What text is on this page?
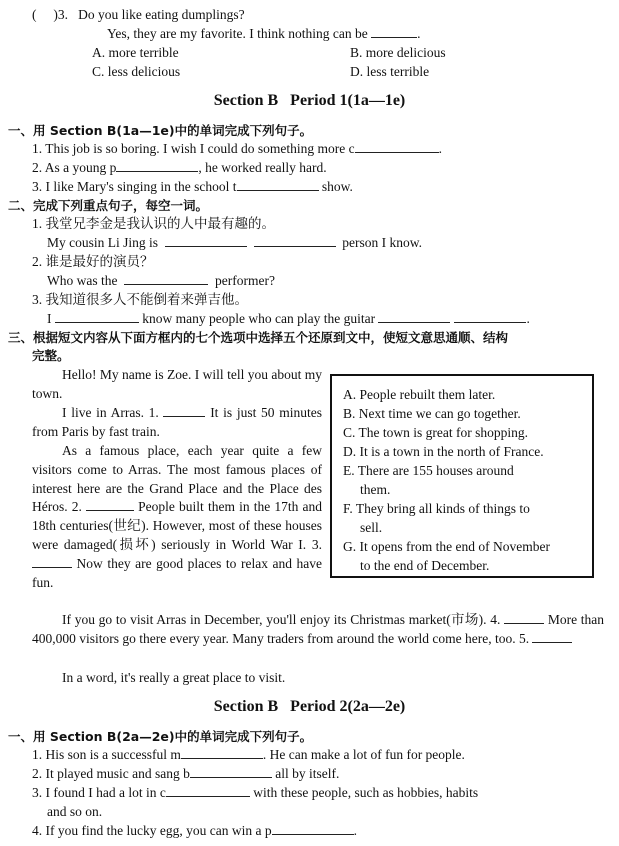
(     )3. Do you like eating dumplings?
Yes, they are my favorite. I think nothing can be	.
A. more terrible	B. more delicious
C. less delicious	D. less terrible
Section B   Period 1(1a—1e)
一、用 Section B(1a—1e)中的单词完成下列句子。
1. This job is so boring. I wish I could do something more c	.
2. As a young p	, he worked really hard.
3. I like Mary's singing in the school t	show.
二、完成下列重点句子，每空一词。
1. 我堂兄李金是我认识的人中最有趣的。
My cousin Li Jing is	person I know.
2. 谁是最好的演员？
Who was the	performer?
3. 我知道很多人不能倒着来弹吉他。
I	know many people who can play the guitar	.
三、根据短文内容从下面方框内的七个选项中选择五个还原到文中，使短文意思通顺、结构
完整。
Hello! My name is Zoe. I will tell you about my town.
I live in Arras. 1.	It is just 50 minutes from Paris by fast train.
As a famous place, each year quite a few visitors come to Arras. The most famous places of interest here are the Grand Place and the Place des Héros. 2.	People built them in the 17th and 18th centuries(世纪). However, most of these houses were damaged(损坏) seriously in World War I. 3.  Now they are good places to relax and have fun.
A. People rebuilt them later.
B. Next time we can go together.
C. The town is great for shopping.
D. It is a town in the north of France.
E. There are 155 houses around
them.
F. They bring all kinds of things to
sell.
G. It opens from the end of November
to the end of December.
If you go to visit Arras in December, you'll enjoy its Christmas market(市场). 4.	More than 400,000 visitors go there every year. Many traders from around the world come here, too. 5.
In a word, it's really a great place to visit.
Section B   Period 2(2a—2e)
一、用 Section B(2a—2e)中的单词完成下列句子。
1. His son is a successful m	. He can make a lot of fun for people.
2. It played music and sang b	all by itself.
3. I found I had a lot in c	with these people, such as hobbies, habits
and so on.
4. If you find the lucky egg, you can win a p	.
